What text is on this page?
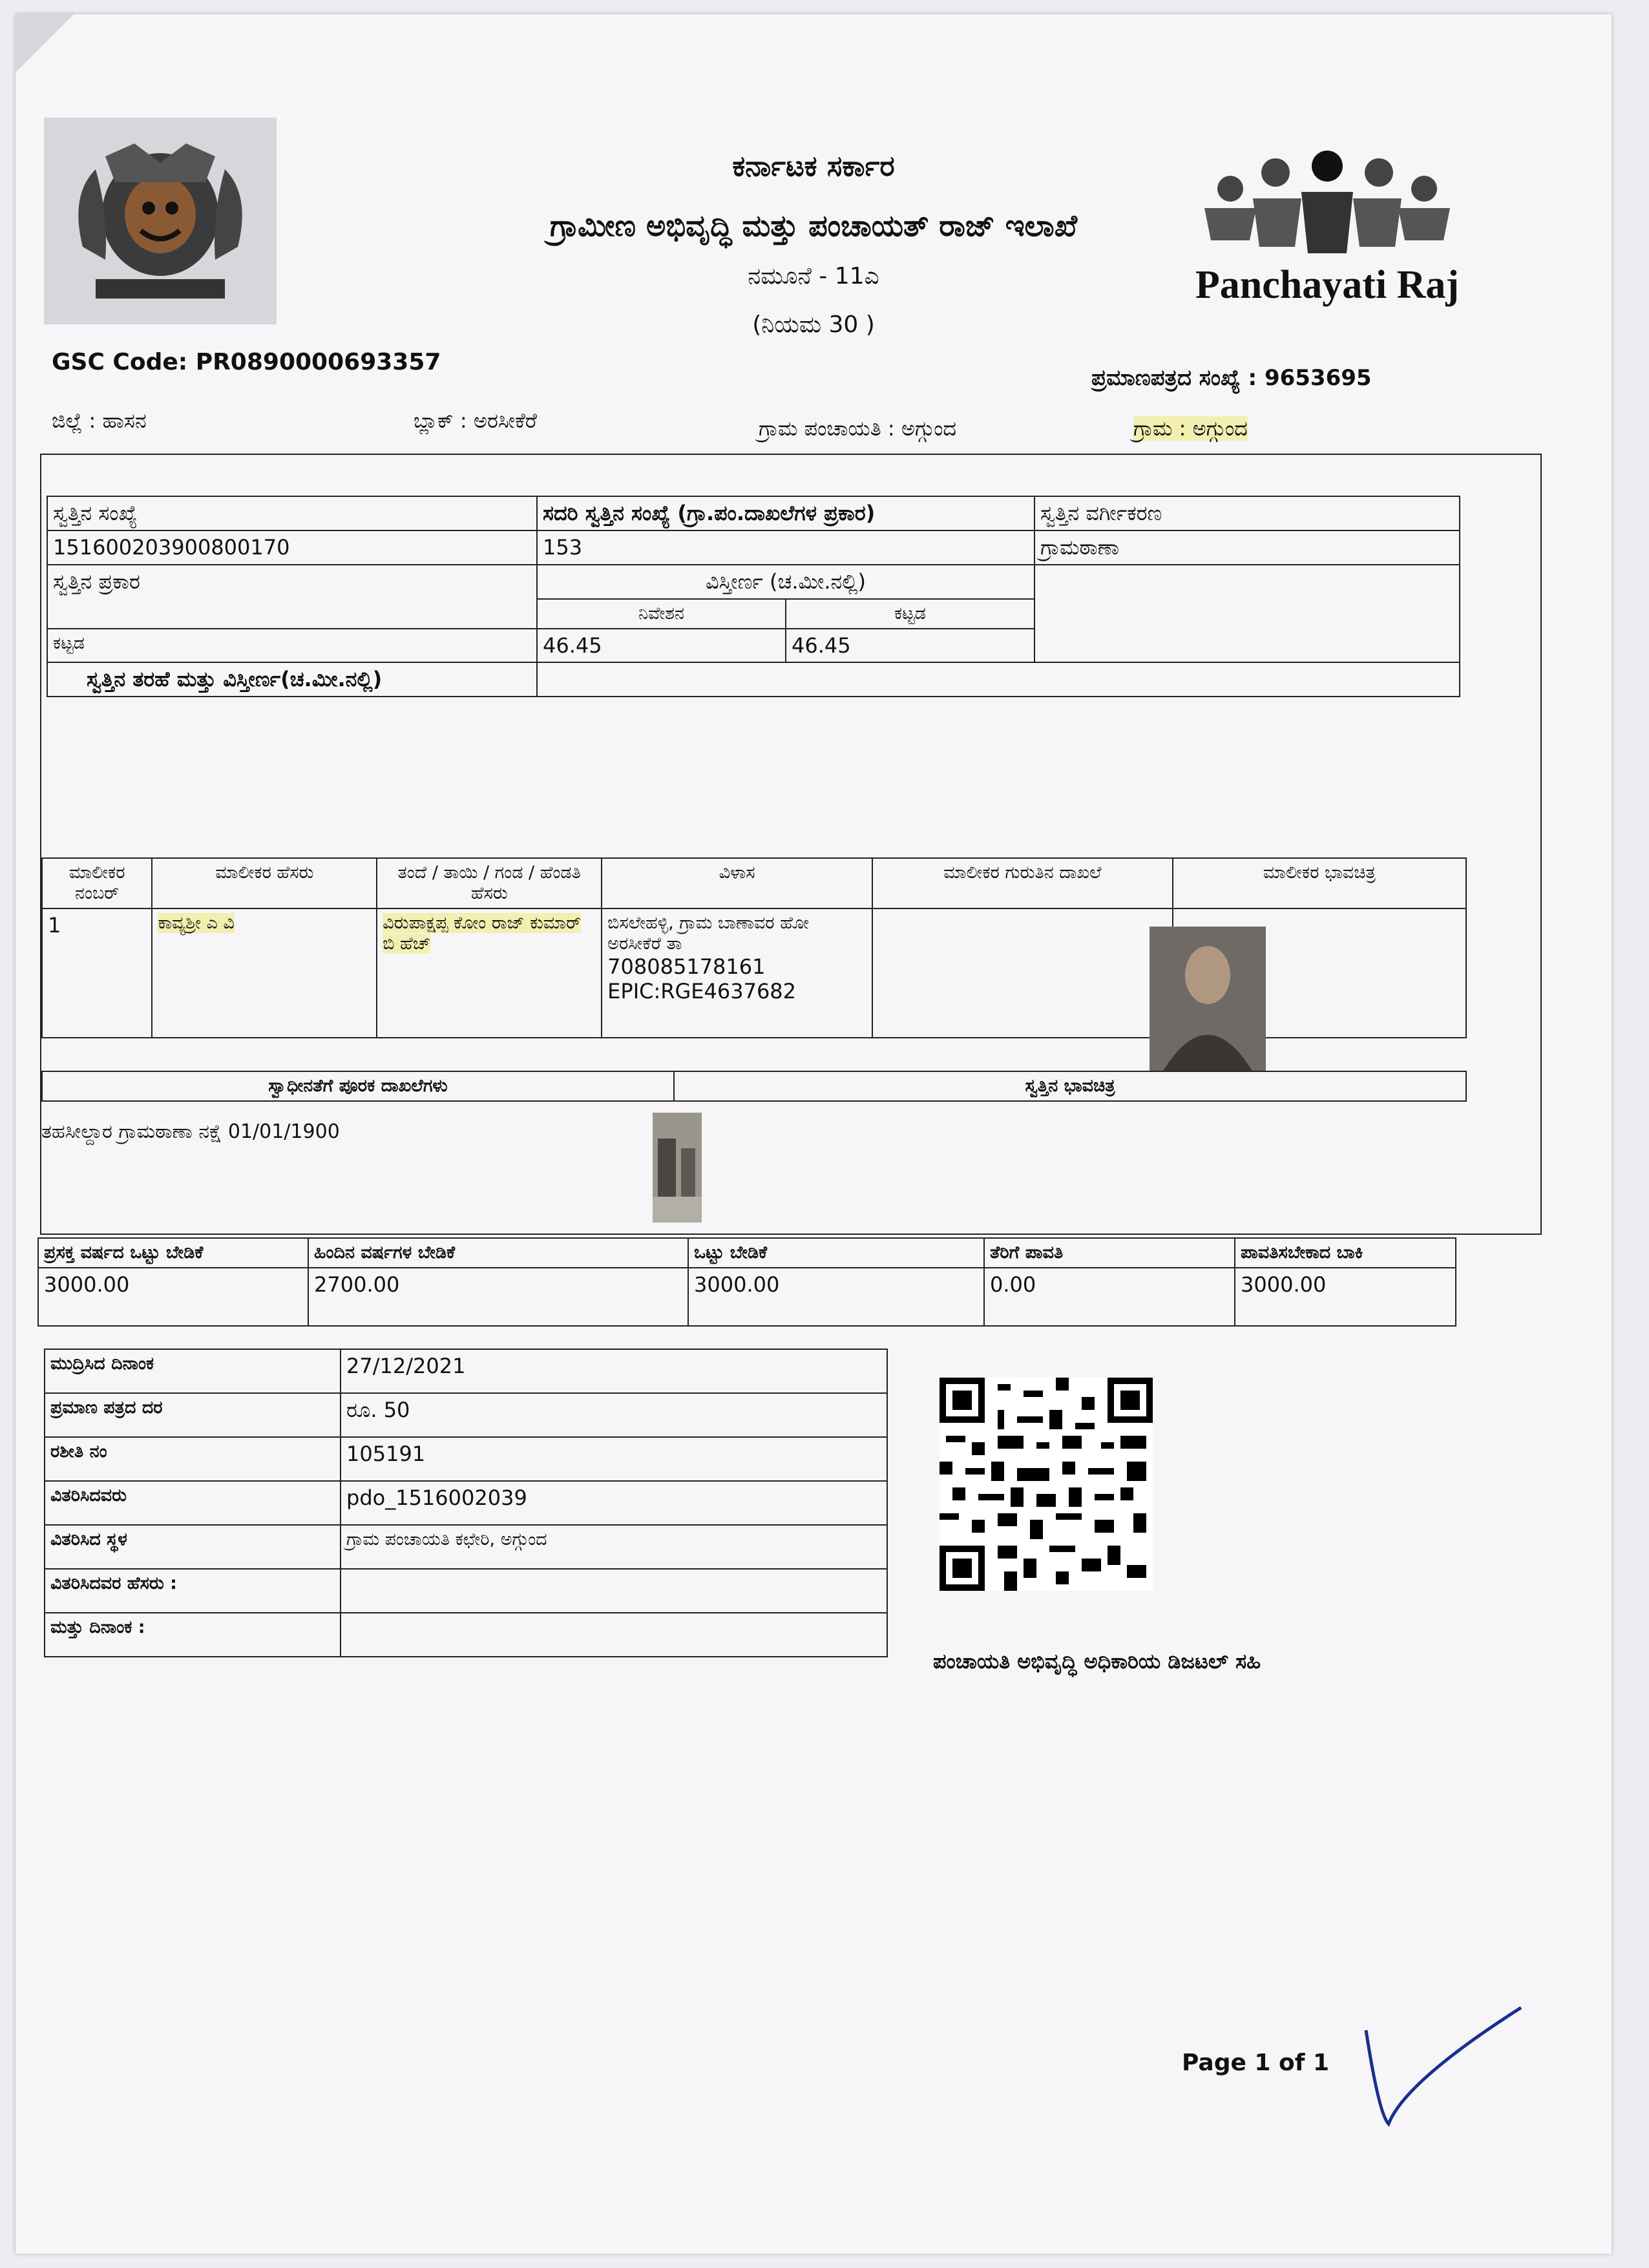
ಕರ್ನಾಟಕ ಸರ್ಕಾರ
ಗ್ರಾಮೀಣ ಅಭಿವೃದ್ಧಿ ಮತ್ತು ಪಂಚಾಯತ್ ರಾಜ್ ಇಲಾಖೆ
ನಮೂನೆ - 11ಎ
(ನಿಯಮ 30 )
Panchayati Raj
GSC Code: PR0890000693357
ಪ್ರಮಾಣಪತ್ರದ ಸಂಖ್ಯೆ : 9653695
ಜಿಲ್ಲೆ : ಹಾಸನ	ಬ್ಲಾಕ್ : ಅರಸೀಕೆರೆ	ಗ್ರಾಮ ಪಂಚಾಯತಿ : ಅಗ್ಗುಂದ	ಗ್ರಾಮ : ಅಗ್ಗುಂದ
ಸ್ವತ್ತಿನ ಸಂಖ್ಯೆ	ಸದರಿ ಸ್ವತ್ತಿನ ಸಂಖ್ಯೆ (ಗ್ರಾ.ಪಂ.ದಾಖಲೆಗಳ ಪ್ರಕಾರ)		ಸ್ವತ್ತಿನ ವರ್ಗೀಕರಣ
151600203900800170	153		ಗ್ರಾಮಠಾಣಾ
ಸ್ವತ್ತಿನ ಪ್ರಕಾರ	ವಿಸ್ತೀರ್ಣ (ಚ.ಮೀ.ನಲ್ಲಿ)		
	ನಿವೇಶನ	ಕಟ್ಟಡ	
ಕಟ್ಟಡ	46.45	46.45	
ಸ್ವತ್ತಿನ ತರಹೆ ಮತ್ತು ವಿಸ್ತೀರ್ಣ(ಚ.ಮೀ.ನಲ್ಲಿ)			
ಮಾಲೀಕರ ನಂಬರ್	ಮಾಲೀಕರ ಹೆಸರು	ತಂದೆ / ತಾಯಿ / ಗಂಡ / ಹೆಂಡತಿ ಹೆಸರು	ವಿಳಾಸ	ಮಾಲೀಕರ ಗುರುತಿನ ದಾಖಲೆ	ಮಾಲೀಕರ ಭಾವಚಿತ್ರ
1	ಕಾವ್ಯಶ್ರೀ ಎ ವಿ	ವಿರುಪಾಕ್ಷಪ್ಪ ಕೋಂ ರಾಜ್ ಕುಮಾರ್ ಬಿ ಹೆಚ್	ಬಿಸಲೇಹಳ್ಳಿ, ಗ್ರಾಮ ಬಾಣಾವರ ಹೋ ಅರಸೀಕೆರೆ ತಾ
708085178161
EPIC:RGE4637682		

ಸ್ವಾಧೀನತೆಗೆ ಪೂರಕ ದಾಖಲೆಗಳು	ಸ್ವತ್ತಿನ ಭಾವಚಿತ್ರ
ತಹಸೀಲ್ದಾರ ಗ್ರಾಮಠಾಣಾ ನಕ್ಷೆ 01/01/1900
ಪ್ರಸಕ್ತ ವರ್ಷದ ಒಟ್ಟು ಬೇಡಿಕೆ	ಹಿಂದಿನ ವರ್ಷಗಳ ಬೇಡಿಕೆ	ಒಟ್ಟು ಬೇಡಿಕೆ	ತೆರಿಗೆ ಪಾವತಿ	ಪಾವತಿಸಬೇಕಾದ ಬಾಕಿ
3000.00	2700.00	3000.00	0.00	3000.00
ಮುದ್ರಿಸಿದ ದಿನಾಂಕ	27/12/2021
ಪ್ರಮಾಣ ಪತ್ರದ ದರ	ರೂ. 50
ರಶೀತಿ ನಂ	105191
ವಿತರಿಸಿದವರು	pdo_1516002039
ವಿತರಿಸಿದ ಸ್ಥಳ	ಗ್ರಾಮ ಪಂಚಾಯತಿ ಕಛೇರಿ, ಅಗ್ಗುಂದ
ವಿತರಿಸಿದವರ ಹೆಸರು :	
ಮತ್ತು ದಿನಾಂಕ :	
ಪಂಚಾಯತಿ ಅಭಿವೃದ್ಧಿ ಅಧಿಕಾರಿಯ ಡಿಜಟಲ್ ಸಹಿ
Page 1 of 1
